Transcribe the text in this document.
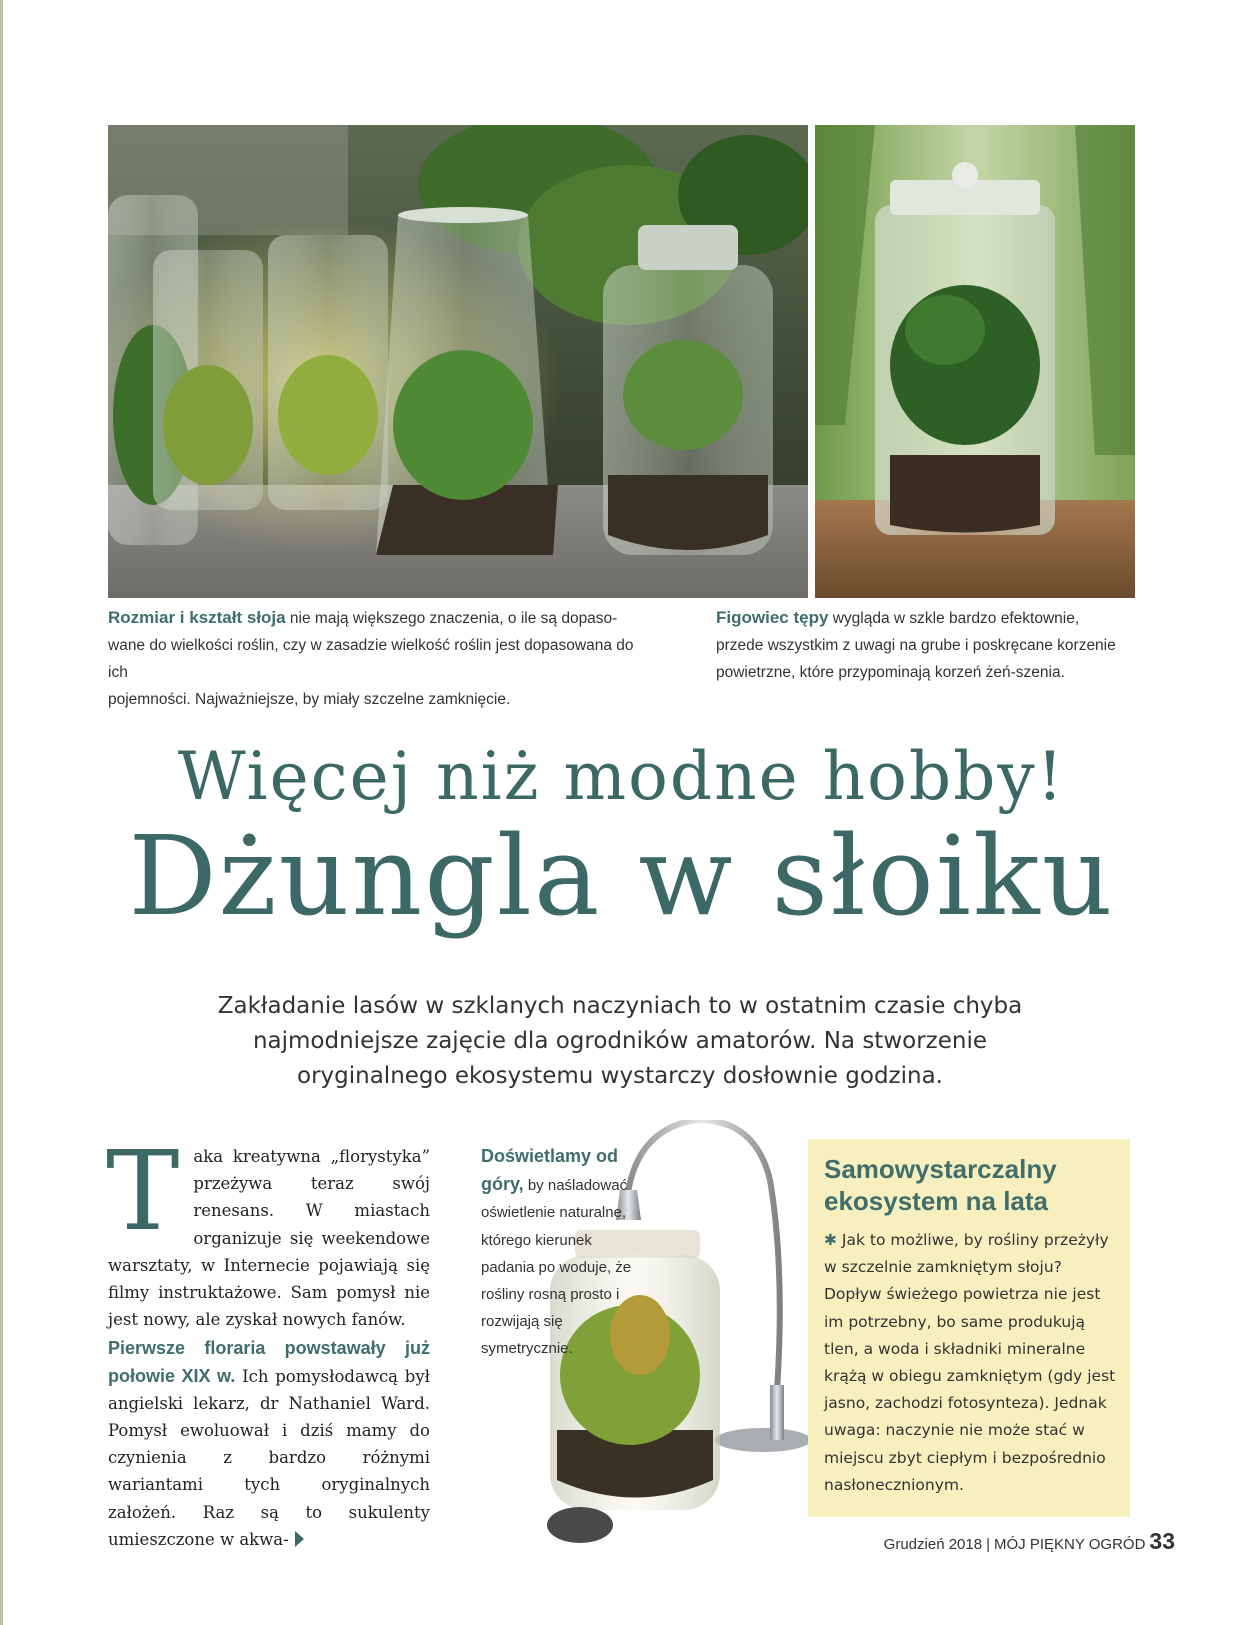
Rozmiar i kształt słoja nie mają większego znaczenia, o ile są dopaso-
wane do wielkości roślin, czy w zasadzie wielkość roślin jest dopasowana do ich
pojemności. Najważniejsze, by miały szczelne zamknięcie.
Figowiec tępy wygląda w szkle bardzo efektownie,
przede wszystkim z uwagi na grube i poskręcane korzenie
powietrzne, które przypominają korzeń żeń-szenia.
Więcej niż modne hobby!
Dżungla w słoiku
Zakładanie lasów w szklanych naczyniach to w ostatnim czasie chyba
najmodniejsze zajęcie dla ogrodników amatorów. Na stworzenie
oryginalnego ekosystemu wystarczy dosłownie godzina.

Taka kreatywna „florystyka” przeżywa teraz swój renesans. W miastach organizuje się weekendowe warsztaty, w Internecie pojawiają się filmy instruktażowe. Sam pomysł nie jest nowy, ale zyskał nowych fanów.

Pierwsze floraria powstawały już połowie XIX w. Ich pomysłodawcą był angielski lekarz, dr Nathaniel Ward. Pomysł ewoluował i dziś mamy do czynienia z bardzo różnymi wariantami tych oryginalnych założeń. Raz są to sukulenty umieszczone w akwa-

Doświetlamy od góry, by naśladować oświetlenie naturalne, którego kierunek padania po woduje, że rośliny rosną prosto i rozwijają się symetrycznie.
Samowystarczalny ekosystem na lata
✱ Jak to możliwe, by rośliny przeżyły w szczelnie zamkniętym słoju? Dopływ świeżego powietrza nie jest im potrzebny, bo same produkują tlen, a woda i składniki mineralne krążą w obiegu zamkniętym (gdy jest jasno, zachodzi fotosynteza). Jednak uwaga: naczynie nie może stać w miejscu zbyt ciepłym i bezpośrednio nasłonecznionym.
Grudzień 2018 | MÓJ PIĘKNY OGRÓD 33
